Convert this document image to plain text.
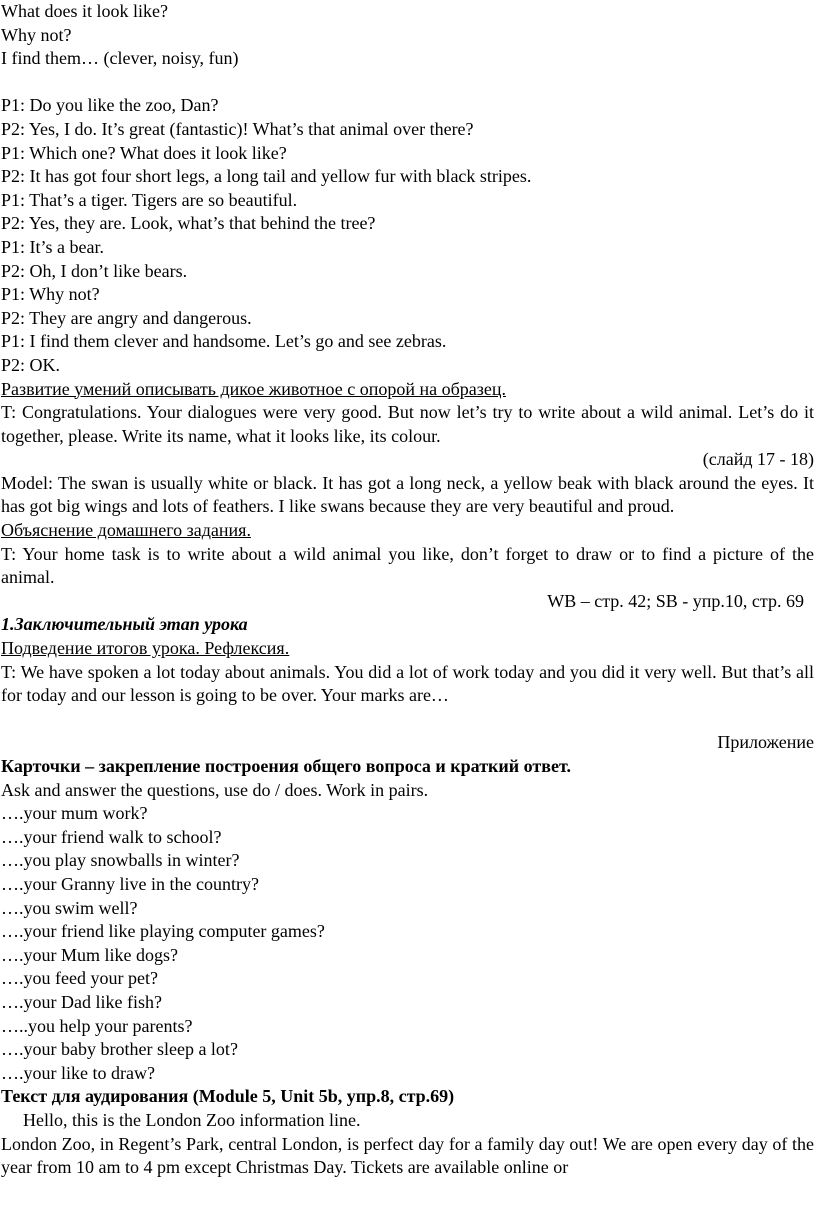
What does it look like?

Why not?

I find them… (clever, noisy, fun)

P1: Do you like the zoo, Dan?

P2: Yes, I do. It’s great (fantastic)! What’s that animal over there?

P1: Which one? What does it look like?

P2: It has got four short legs, a long tail and yellow fur with black stripes.

P1: That’s a tiger. Tigers are so beautiful.

P2: Yes, they are. Look, what’s that behind the tree?

P1: It’s a bear.

P2: Oh, I don’t like bears.

P1: Why not?

P2: They are angry and dangerous.

P1: I find them clever and handsome. Let’s go and see zebras.

P2: OK.

Развитие умений описывать дикое животное с опорой на образец.

T: Congratulations. Your dialogues were very good. But now let’s try to write about a wild animal. Let’s do it together, please. Write its name, what it looks like, its colour.

(слайд 17 - 18)

Model: The swan is usually white or black. It has got a long neck, a yellow beak with black around the eyes. It has got big wings and lots of feathers. I like swans because they are very beautiful and proud.

Объяснение домашнего задания.

T: Your home task is to write about a wild animal you like, don’t forget to draw or to find a picture of the animal.

WB – стр. 42; SB - упр.10, стр. 69

1.Заключительный этап урока

Подведение итогов урока. Рефлексия.

T: We have spoken a lot today about animals. You did a lot of work today and you did it very well. But that’s all for today and our lesson is going to be over. Your marks are…

Приложение

Карточки – закрепление построения общего вопроса и краткий ответ.

Ask and answer the questions, use do / does. Work in pairs.

….your mum work?

….your friend walk to school?

….you play snowballs in winter?

….your Granny live in the country?

….you swim well?

….your friend like playing computer games?

….your Mum like dogs?

….you feed your pet?

….your Dad like fish?

…..you help your parents?

….your baby brother sleep a lot?

….your like to draw?

Текст для аудирования (Module 5, Unit 5b, упр.8, стр.69)

Hello, this is the London Zoo information line.

London Zoo, in Regent’s Park, central London, is perfect day for a family day out! We are open every day of the year from 10 am to 4 pm except Christmas Day. Tickets are available online or
